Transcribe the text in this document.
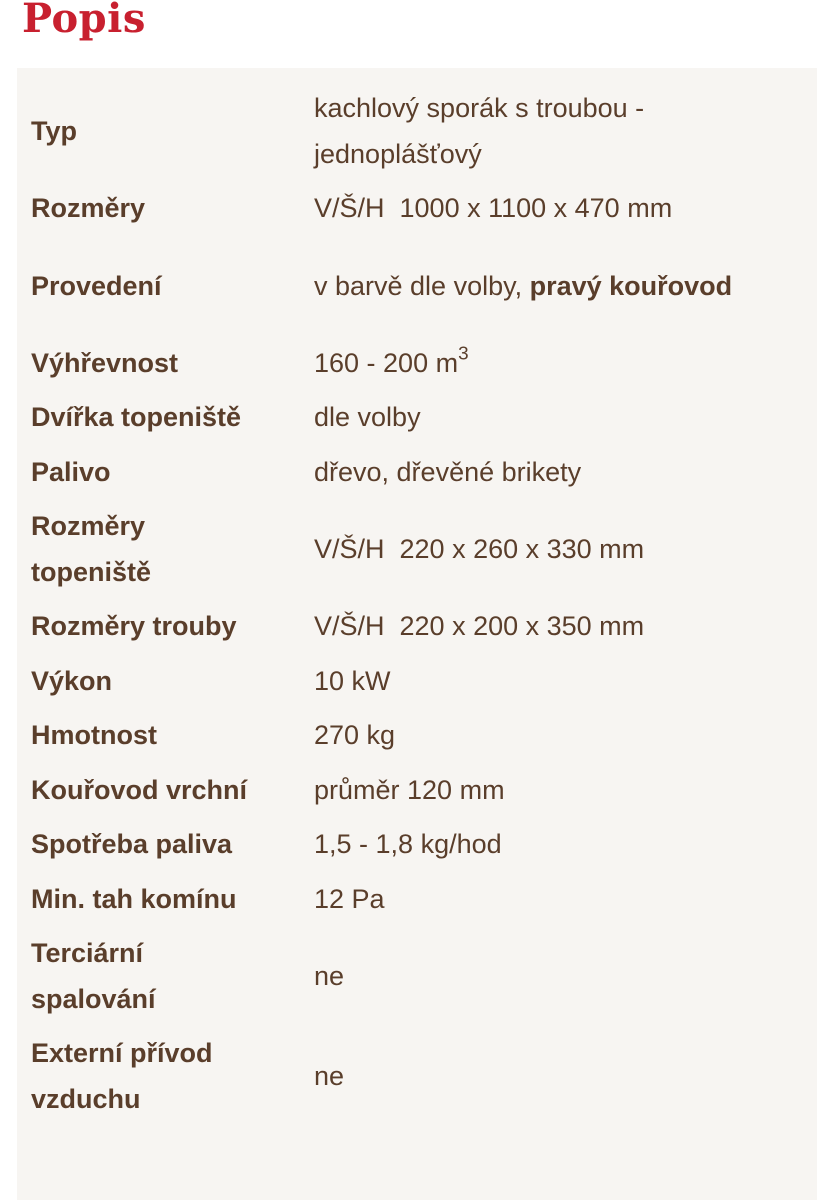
Popis
Typ	kachlový sporák s troubou - jednoplášťový
Rozměry	V/Š/H  1000 x 1100 x 470 mm
Provedení	v barvě dle volby, pravý kouřovod
Výhřevnost	160 - 200 $m^3$
Dvířka topeniště	dle volby
Palivo	dřevo, dřevěné brikety
Rozměry topeniště	V/Š/H  220 x 260 x 330 mm
Rozměry trouby	V/Š/H  220 x 200 x 350 mm
Výkon	10 kW
Hmotnost	270 kg
Kouřovod vrchní	průměr 120 mm
Spotřeba paliva	1,5 - 1,8 kg/hod
Min. tah komínu	12 Pa
Terciární spalování	ne
Externí přívod vzduchu	ne
